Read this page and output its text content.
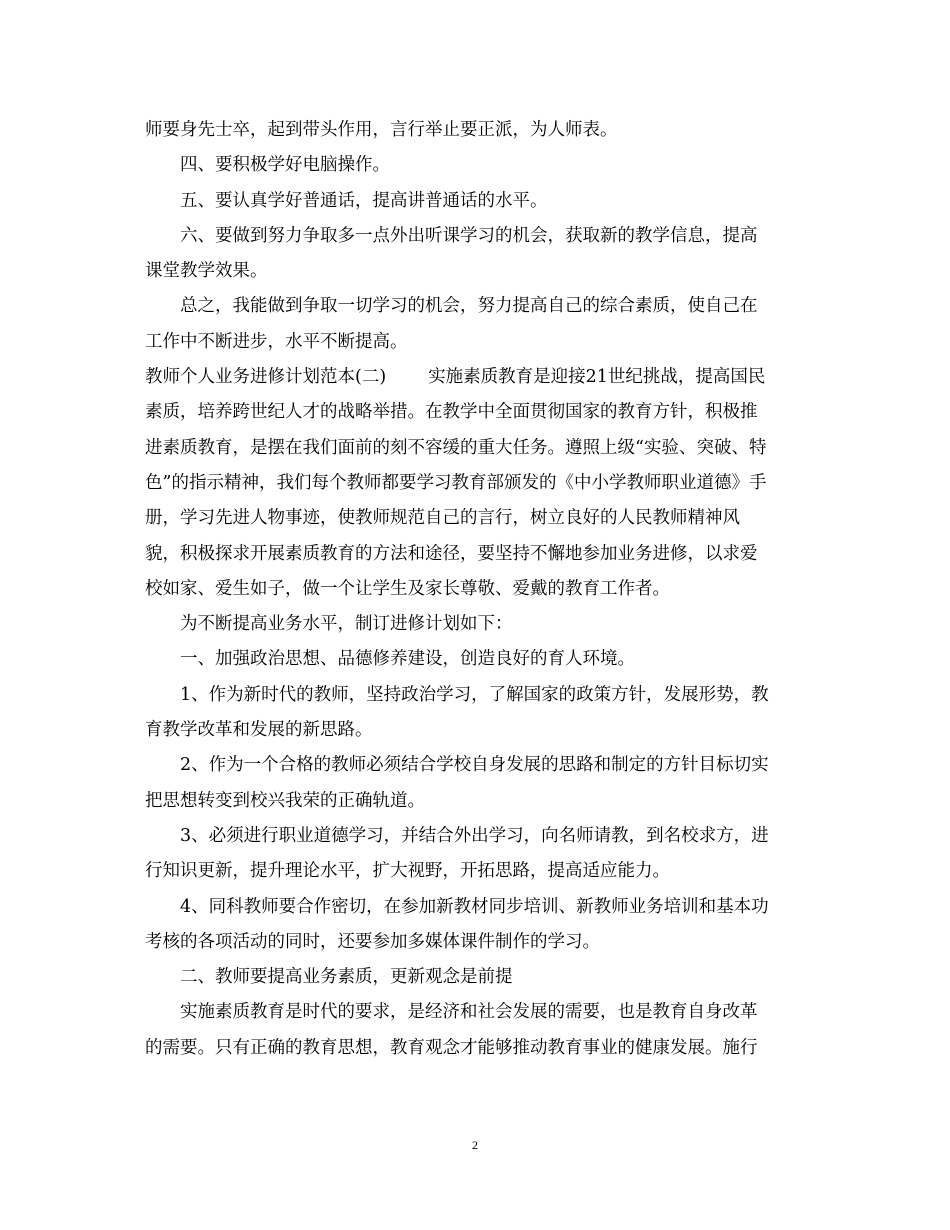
师要身先士卒，起到带头作用，言行举止要正派，为人师表。
四、要积极学好电脑操作。
五、要认真学好普通话，提高讲普通话的水平。
六、要做到努力争取多一点外出听课学习的机会，获取新的教学信息，提高
课堂教学效果。
总之，我能做到争取一切学习的机会，努力提高自己的综合素质，使自己在
工作中不断进步，水平不断提高。
教师个人业务进修计划范本(二) 实施素质教育是迎接21世纪挑战，提高国民
素质，培养跨世纪人才的战略举措。在教学中全面贯彻国家的教育方针，积极推
进素质教育，是摆在我们面前的刻不容缓的重大任务。遵照上级“实验、突破、特
色”的指示精神，我们每个教师都要学习教育部颁发的《中小学教师职业道德》手
册，学习先进人物事迹，使教师规范自己的言行，树立良好的人民教师精神风
貌，积极探求开展素质教育的方法和途径，要坚持不懈地参加业务进修，以求爱
校如家、爱生如子，做一个让学生及家长尊敬、爱戴的教育工作者。
为不断提高业务水平，制订进修计划如下：
一、加强政治思想、品德修养建设，创造良好的育人环境。
1、作为新时代的教师，坚持政治学习，了解国家的政策方针，发展形势，教
育教学改革和发展的新思路。
2、作为一个合格的教师必须结合学校自身发展的思路和制定的方针目标切实
把思想转变到校兴我荣的正确轨道。
3、必须进行职业道德学习，并结合外出学习，向名师请教，到名校求方，进
行知识更新，提升理论水平，扩大视野，开拓思路，提高适应能力。
4、同科教师要合作密切，在参加新教材同步培训、新教师业务培训和基本功
考核的各项活动的同时，还要参加多媒体课件制作的学习。
二、教师要提高业务素质，更新观念是前提
实施素质教育是时代的要求，是经济和社会发展的需要，也是教育自身改革
的需要。只有正确的教育思想，教育观念才能够推动教育事业的健康发展。施行
2
